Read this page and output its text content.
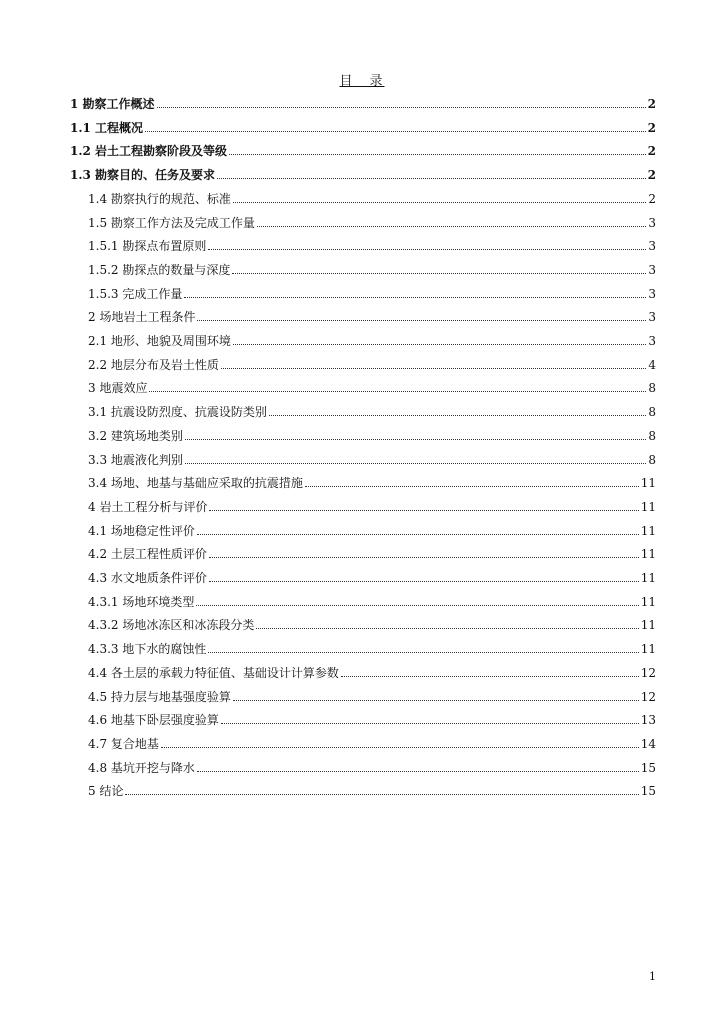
目　录
1 勘察工作概述	2
1.1 工程概况	2
1.2 岩土工程勘察阶段及等级	2
1.3 勘察目的、任务及要求	2
1.4 勘察执行的规范、标准	2
1.5 勘察工作方法及完成工作量	3
1.5.1 勘探点布置原则	3
1.5.2 勘探点的数量与深度	3
1.5.3 完成工作量	3
2 场地岩土工程条件	3
2.1 地形、地貌及周围环境	3
2.2 地层分布及岩土性质	4
3 地震效应	8
3.1 抗震设防烈度、抗震设防类别	8
3.2 建筑场地类别	8
3.3 地震液化判别	8
3.4 场地、地基与基础应采取的抗震措施	11
4 岩土工程分析与评价	11
4.1 场地稳定性评价	11
4.2 土层工程性质评价	11
4.3 水文地质条件评价	11
4.3.1 场地环境类型	11
4.3.2 场地冰冻区和冰冻段分类	11
4.3.3 地下水的腐蚀性	11
4.4 各土层的承载力特征值、基础设计计算参数	12
4.5 持力层与地基强度验算	12
4.6 地基下卧层强度验算	13
4.7 复合地基	14
4.8 基坑开挖与降水	15
5 结论	15
1
